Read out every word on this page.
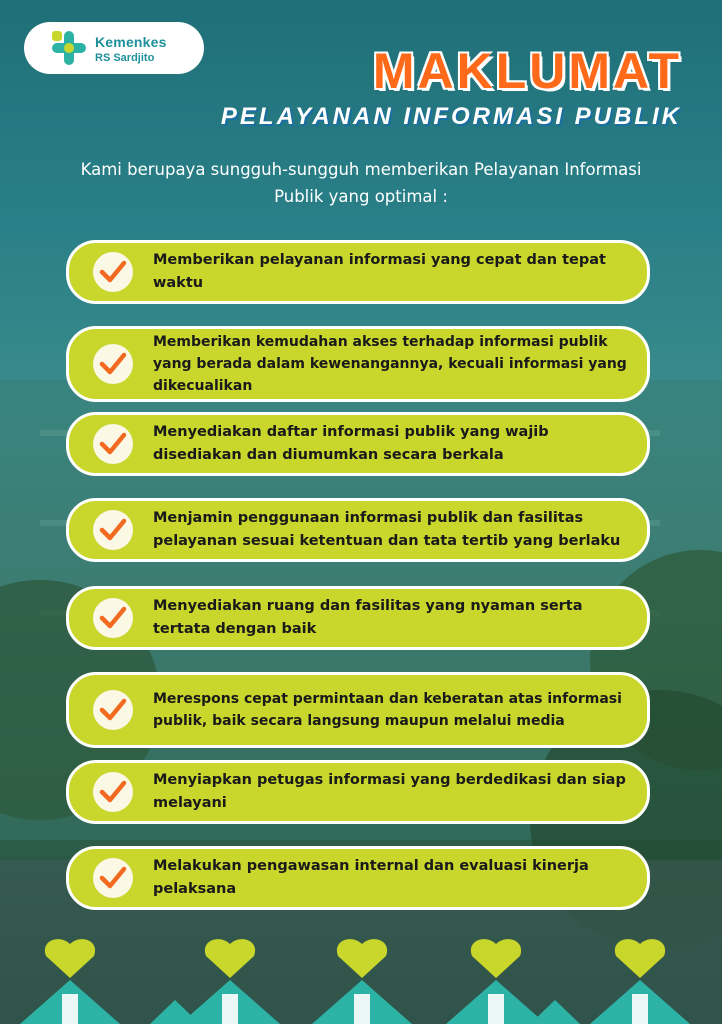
Kemenkes
RS Sardjito	MAKLUMAT
PELAYANAN INFORMASI PUBLIK
Kami berupaya sungguh-sungguh memberikan Pelayanan Informasi
Publik yang optimal :
Memberikan pelayanan informasi yang cepat dan tepat waktu
Memberikan kemudahan akses terhadap informasi publik yang berada dalam kewenangannya, kecuali informasi yang dikecualikan
Menyediakan daftar informasi publik yang wajib disediakan dan diumumkan secara berkala
Menjamin penggunaan informasi publik dan fasilitas pelayanan sesuai ketentuan dan tata tertib yang berlaku
Menyediakan ruang dan fasilitas yang nyaman serta tertata dengan baik
Merespons cepat permintaan dan keberatan atas informasi publik, baik secara langsung maupun melalui media
Menyiapkan petugas informasi yang berdedikasi dan siap melayani
Melakukan pengawasan internal dan evaluasi kinerja pelaksana
